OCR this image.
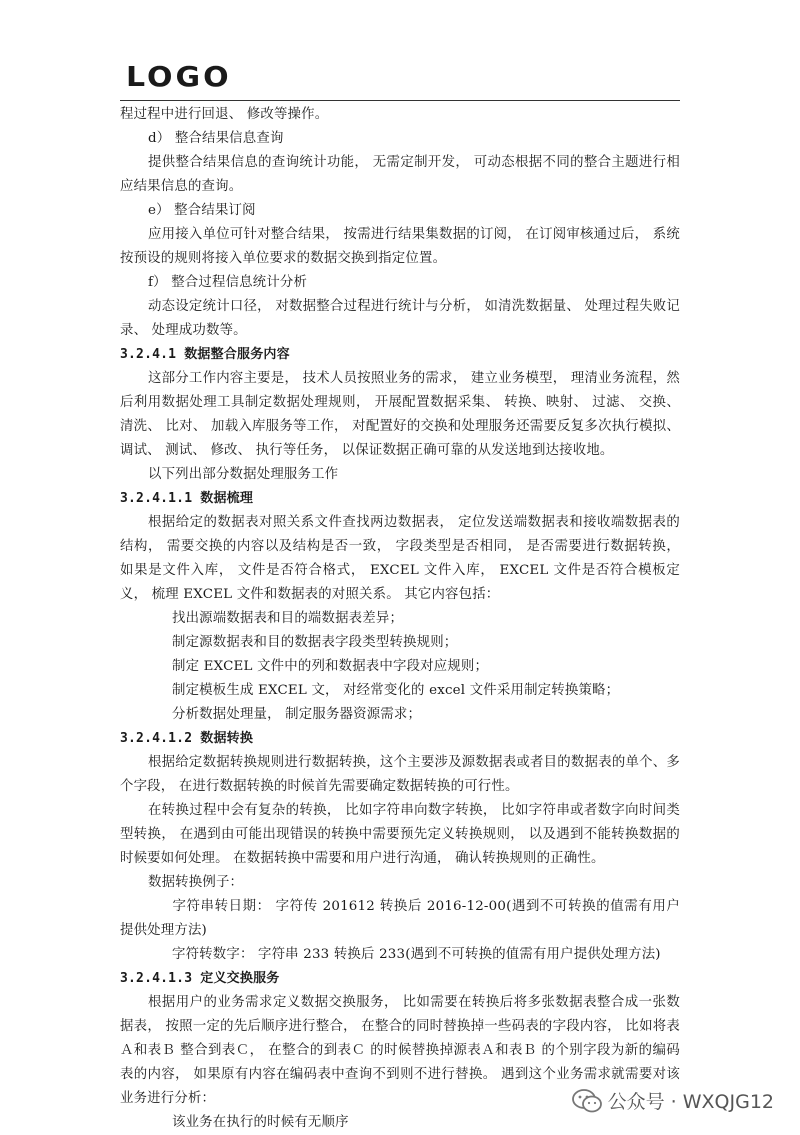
LOGO

程过程中进行回退、 修改等操作。

d） 整合结果信息查询

提供整合结果信息的查询统计功能， 无需定制开发， 可动态根据不同的整合主题进行相应结果信息的查询。

e） 整合结果订阅

应用接入单位可针对整合结果， 按需进行结果集数据的订阅， 在订阅审核通过后， 系统按预设的规则将接入单位要求的数据交换到指定位置。

f） 整合过程信息统计分析

动态设定统计口径， 对数据整合过程进行统计与分析， 如清洗数据量、 处理过程失败记录、 处理成功数等。

3.2.4.1 数据整合服务内容

这部分工作内容主要是， 技术人员按照业务的需求， 建立业务模型， 理清业务流程，然后利用数据处理工具制定数据处理规则， 开展配置数据采集、 转换、映射、 过滤、 交换、 清洗、 比对、 加载入库服务等工作， 对配置好的交换和处理服务还需要反复多次执行模拟、 调试、 测试、 修改、 执行等任务， 以保证数据正确可靠的从发送地到达接收地。

以下列出部分数据处理服务工作

3.2.4.1.1 数据梳理

根据给定的数据表对照关系文件查找两边数据表， 定位发送端数据表和接收端数据表的结构， 需要交换的内容以及结构是否一致， 字段类型是否相同， 是否需要进行数据转换， 如果是文件入库， 文件是否符合格式， EXCEL 文件入库， EXCEL 文件是否符合模板定义， 梳理 EXCEL 文件和数据表的对照关系。 其它内容包括：

找出源端数据表和目的端数据表差异；

制定源数据表和目的数据表字段类型转换规则；

制定 EXCEL 文件中的列和数据表中字段对应规则；

制定模板生成 EXCEL 文， 对经常变化的 excel 文件采用制定转换策略；

分析数据处理量， 制定服务器资源需求；

3.2.4.1.2 数据转换

根据给定数据转换规则进行数据转换，这个主要涉及源数据表或者目的数据表的单个、多个字段， 在进行数据转换的时候首先需要确定数据转换的可行性。

在转换过程中会有复杂的转换， 比如字符串向数字转换， 比如字符串或者数字向时间类型转换， 在遇到由可能出现错误的转换中需要预先定义转换规则， 以及遇到不能转换数据的时候要如何处理。 在数据转换中需要和用户进行沟通， 确认转换规则的正确性。

数据转换例子：

字符串转日期： 字符传 201612 转换后 2016-12-00(遇到不可转换的值需有用户提供处理方法)

字符转数字： 字符串 233 转换后 233(遇到不可转换的值需有用户提供处理方法)

3.2.4.1.3 定义交换服务

根据用户的业务需求定义数据交换服务， 比如需要在转换后将多张数据表整合成一张数据表， 按照一定的先后顺序进行整合， 在整合的同时替换掉一些码表的字段内容， 比如将表Ａ和表Ｂ 整合到表Ｃ， 在整合的到表Ｃ 的时候替换掉源表Ａ和表Ｂ 的个别字段为新的编码表的内容， 如果原有内容在编码表中查询不到则不进行替换。 遇到这个业务需求就需要对该业务进行分析：

该业务在执行的时候有无顺序

公众号 · WXQJG12
